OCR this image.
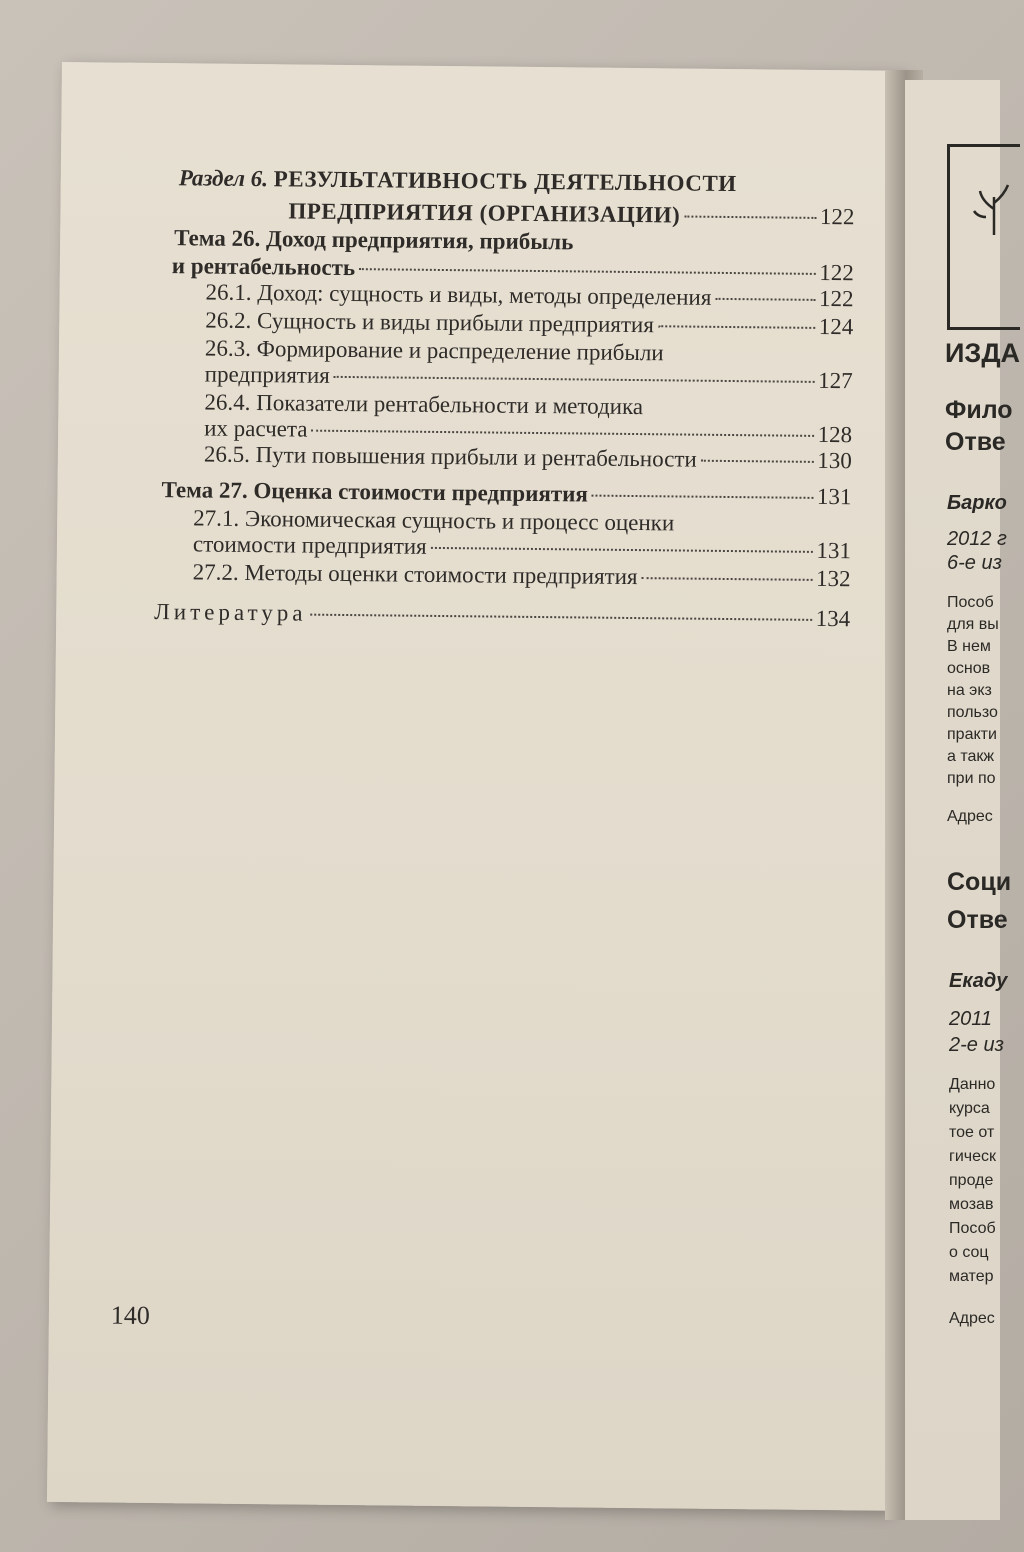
Раздел 6. РЕЗУЛЬТАТИВНОСТЬ ДЕЯТЕЛЬНОСТИ
ПРЕДПРИЯТИЯ (ОРГАНИЗАЦИИ)	122
Тема 26. Доход предприятия, прибыль
и рентабельность	122
26.1. Доход: сущность и виды, методы определения	122
26.2. Сущность и виды прибыли предприятия	124
26.3. Формирование и распределение прибыли
предприятия	127
26.4. Показатели рентабельности и методика
их расчета	128
26.5. Пути повышения прибыли и рентабельности	130
Тема 27. Оценка стоимости предприятия	131
27.1. Экономическая сущность и процесс оценки
стоимости предприятия	131
27.2. Методы оценки стоимости предприятия	132
Литература	134
140
ИЗДА
Фило
Отве
Барко
2012 г
6-е из
Пособ
для вы
В нем
основ
на экз
пользо
практи
а такж
при по
Адрес
Соци
Отве
Екаду
2011
2-е из
Данно
курса
тое от
гическ
проде
мозав
Пособ
о соц
матер
Адрес
